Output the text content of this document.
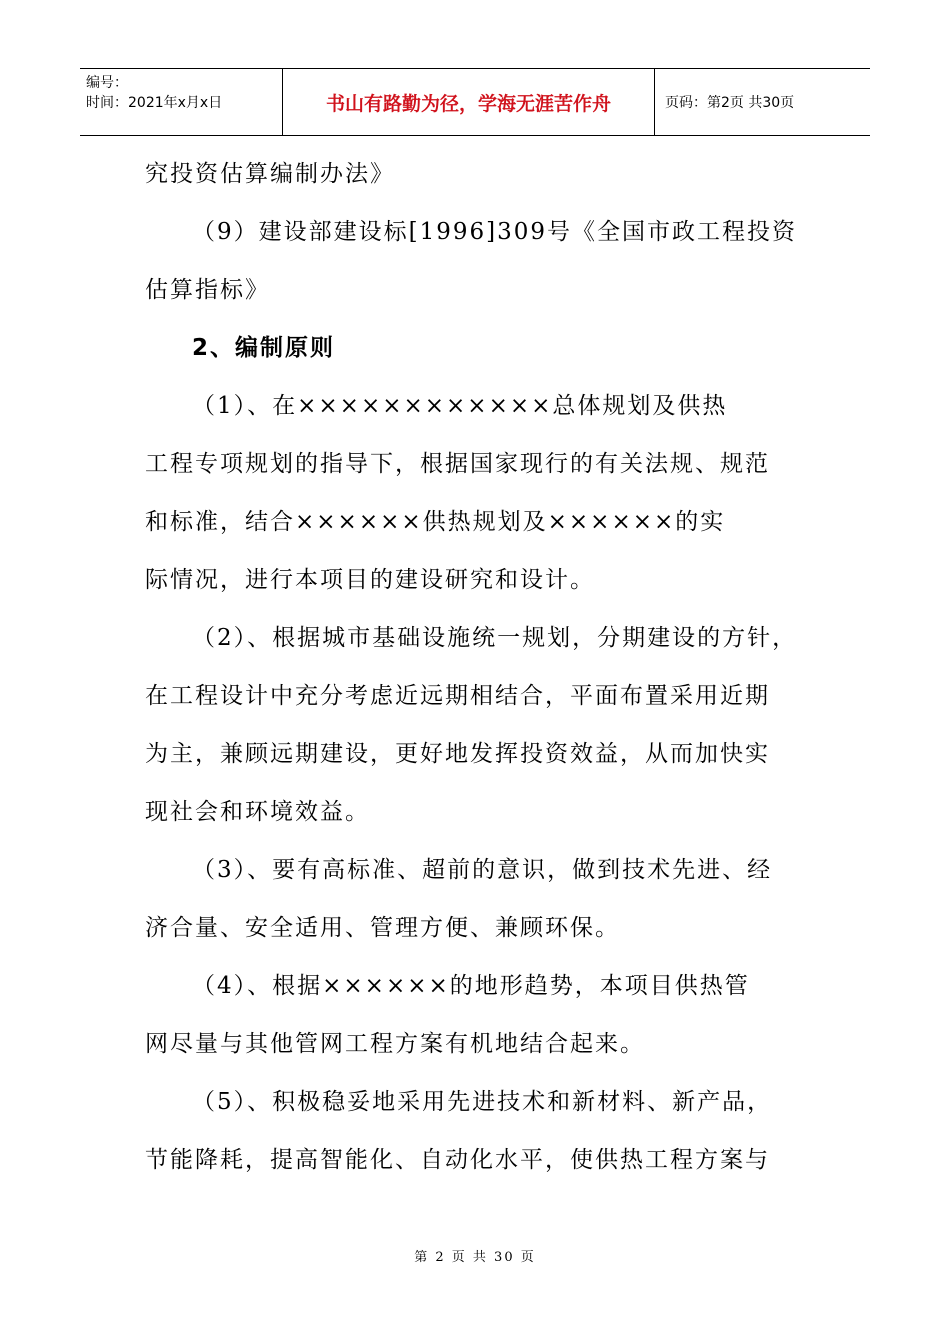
编号：
时间：2021年x月x日	书山有路勤为径，学海无涯苦作舟	页码：第2页 共30页
究投资估算编制办法》
（9）建设部建设标[1996]309号《全国市政工程投资
估算指标》
2、编制原则
（1）、在××××××××××××总体规划及供热
工程专项规划的指导下，根据国家现行的有关法规、规范
和标准，结合××××××供热规划及××××××的实
际情况，进行本项目的建设研究和设计。
（2）、根据城市基础设施统一规划，分期建设的方针，
在工程设计中充分考虑近远期相结合，平面布置采用近期
为主，兼顾远期建设，更好地发挥投资效益，从而加快实
现社会和环境效益。
（3）、要有高标准、超前的意识，做到技术先进、经
济合量、安全适用、管理方便、兼顾环保。
（4）、根据××××××的地形趋势，本项目供热管
网尽量与其他管网工程方案有机地结合起来。
（5）、积极稳妥地采用先进技术和新材料、新产品，
节能降耗，提高智能化、自动化水平，使供热工程方案与
第 2 页 共 30 页
